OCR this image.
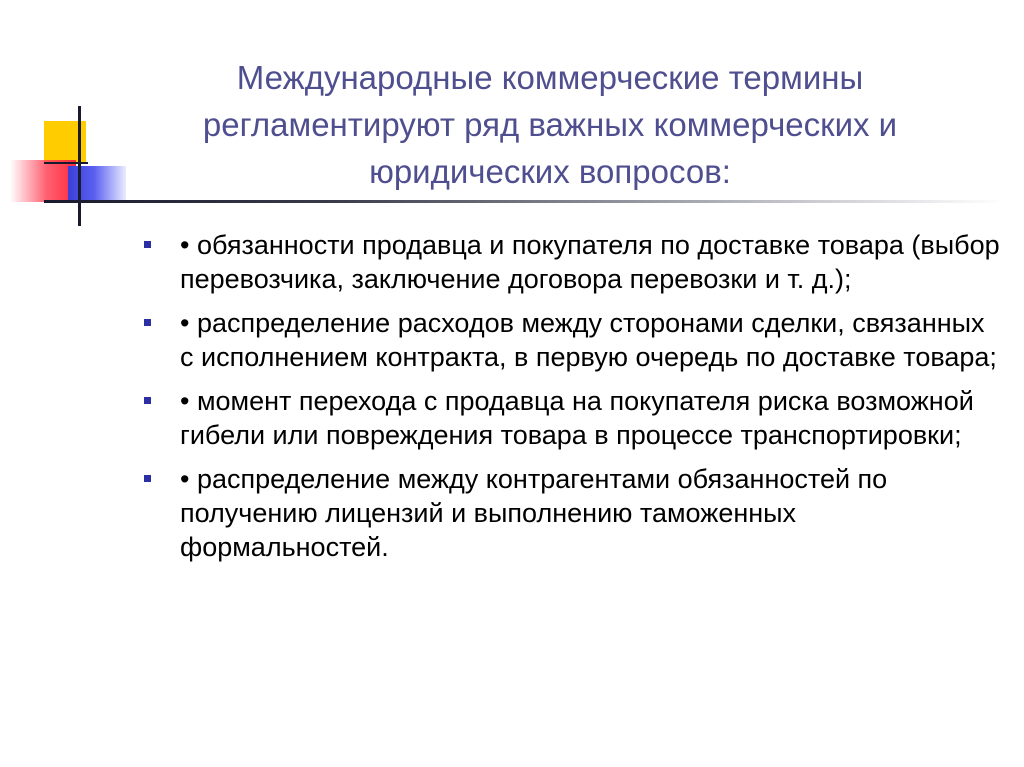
Международные коммерческие термины регламентируют ряд важных коммерческих и юридических вопросов:
• обязанности продавца и покупателя по доставке товара (выбор перевозчика, заключение договора перевозки и т. д.);
• распределение расходов между сторонами сделки, связанных с исполнением контракта, в первую очередь по доставке товара;
• момент перехода с продавца на покупателя риска возможной гибели или повреждения товара в процессе транспортировки;
• распределение между контрагентами обязанностей по получению лицензий и выполнению таможенных формальностей.
